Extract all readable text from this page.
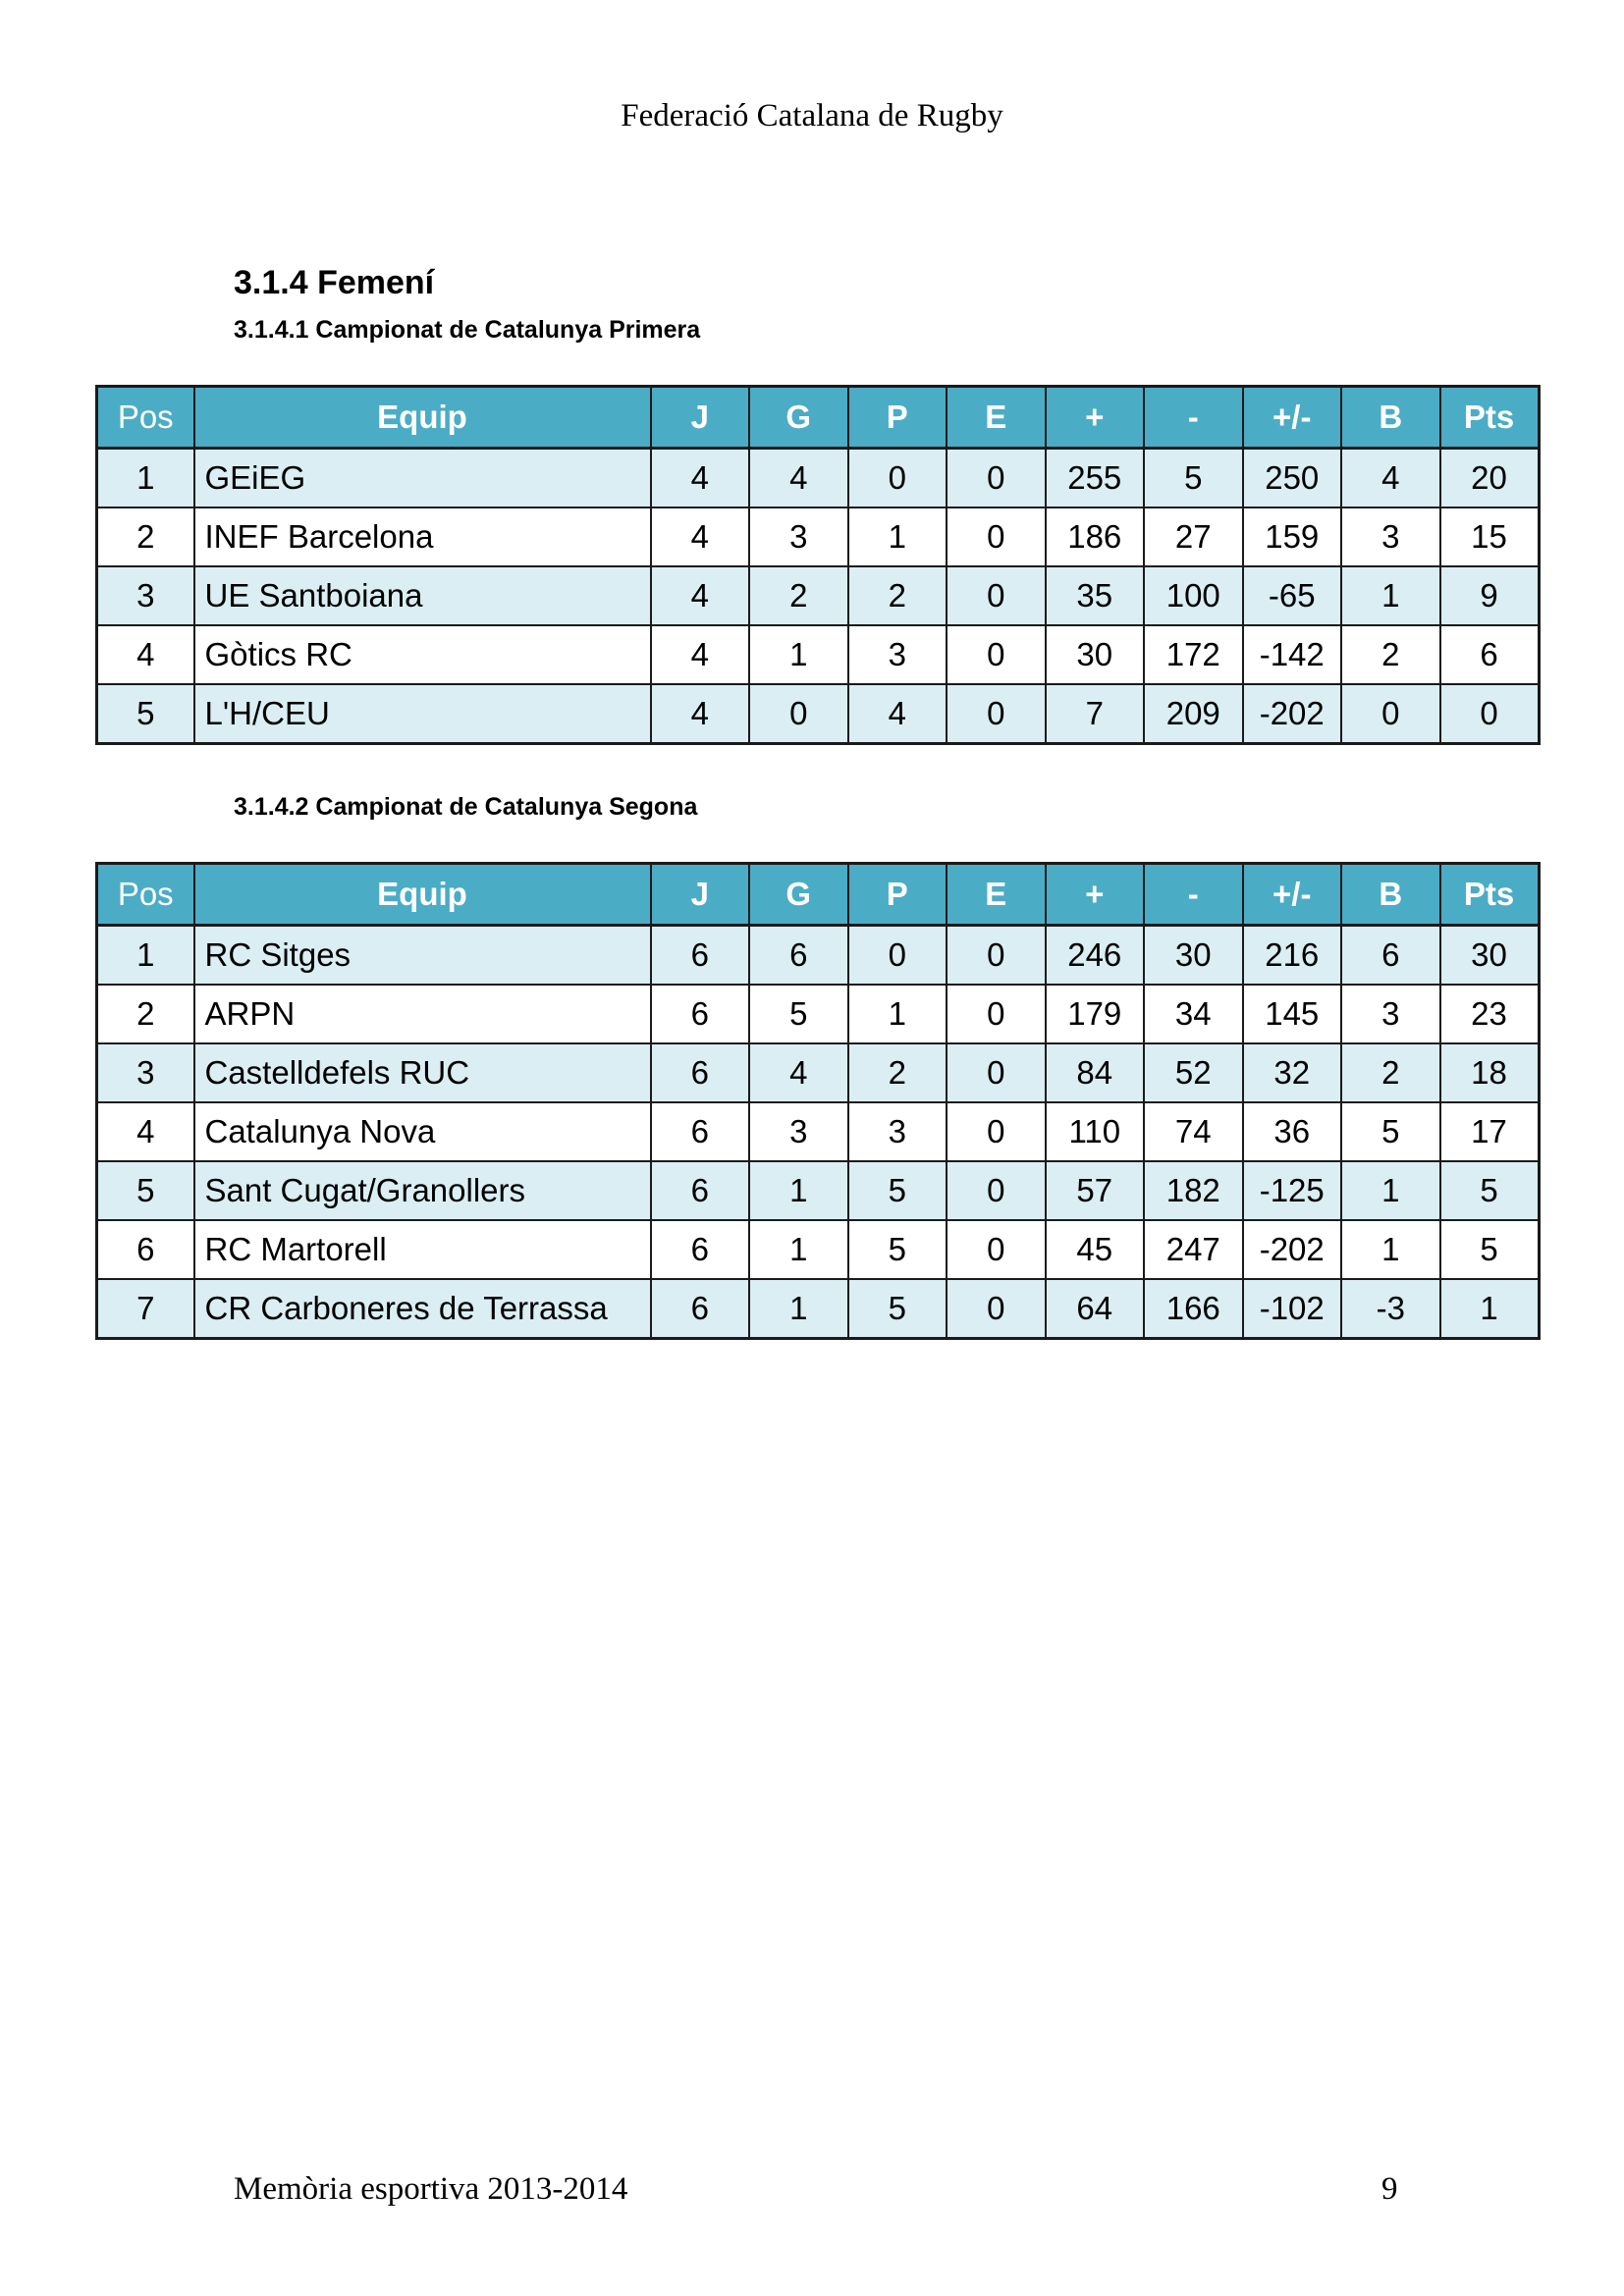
Federació Catalana de Rugby
3.1.4 Femení
3.1.4.1 Campionat de Catalunya Primera
Pos	Equip	J	G	P	E	+	-	+/-	B	Pts
1	GEiEG	4	4	0	0	255	5	250	4	20
2	INEF Barcelona	4	3	1	0	186	27	159	3	15
3	UE Santboiana	4	2	2	0	35	100	-65	1	9
4	Gòtics RC	4	1	3	0	30	172	-142	2	6
5	L'H/CEU	4	0	4	0	7	209	-202	0	0
3.1.4.2 Campionat de Catalunya Segona
Pos	Equip	J	G	P	E	+	-	+/-	B	Pts
1	RC Sitges	6	6	0	0	246	30	216	6	30
2	ARPN	6	5	1	0	179	34	145	3	23
3	Castelldefels RUC	6	4	2	0	84	52	32	2	18
4	Catalunya Nova	6	3	3	0	110	74	36	5	17
5	Sant Cugat/Granollers	6	1	5	0	57	182	-125	1	5
6	RC Martorell	6	1	5	0	45	247	-202	1	5
7	CR Carboneres de Terrassa	6	1	5	0	64	166	-102	-3	1
Memòria esportiva 2013-2014	9
